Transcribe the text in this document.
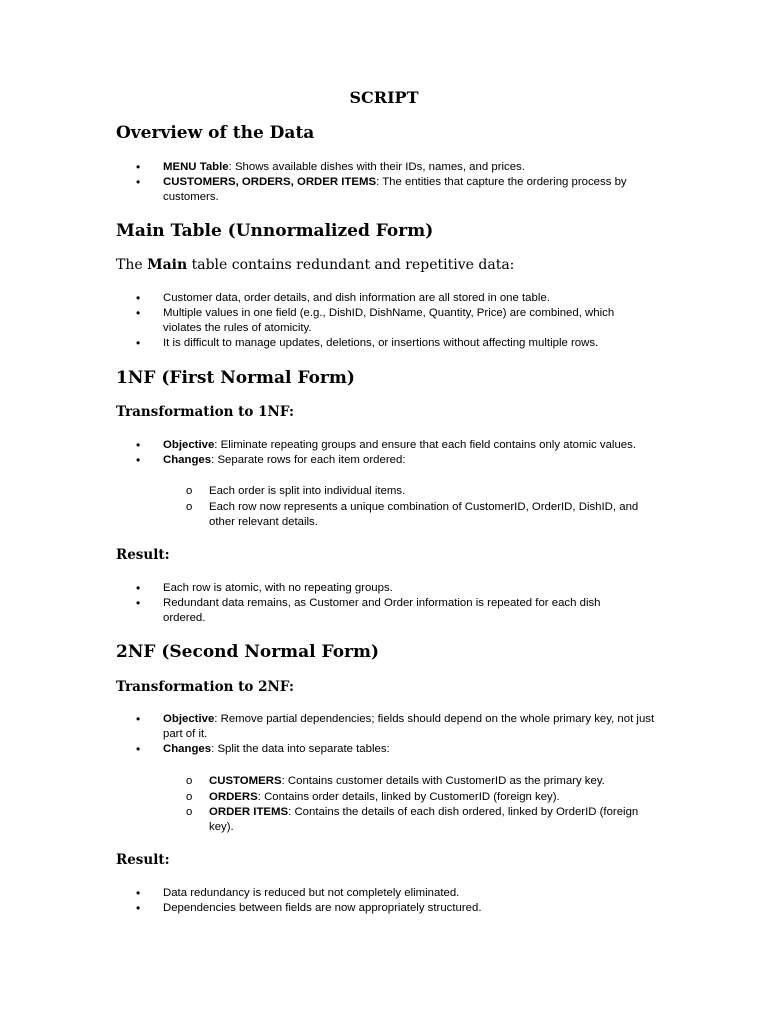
SCRIPT
Overview of the Data
• MENU Table: Shows available dishes with their IDs, names, and prices.
• CUSTOMERS, ORDERS, ORDER ITEMS: The entities that capture the ordering process by customers.
Main Table (Unnormalized Form)
The Main table contains redundant and repetitive data:
• Customer data, order details, and dish information are all stored in one table.
• Multiple values in one field (e.g., DishID, DishName, Quantity, Price) are combined, which violates the rules of atomicity.
• It is difficult to manage updates, deletions, or insertions without affecting multiple rows.
1NF (First Normal Form)
Transformation to 1NF:
• Objective: Eliminate repeating groups and ensure that each field contains only atomic values.
• Changes: Separate rows for each item ordered:
o Each order is split into individual items.
o Each row now represents a unique combination of CustomerID, OrderID, DishID, and other relevant details.
Result:
• Each row is atomic, with no repeating groups.
• Redundant data remains, as Customer and Order information is repeated for each dish ordered.
2NF (Second Normal Form)
Transformation to 2NF:
• Objective: Remove partial dependencies; fields should depend on the whole primary key, not just part of it.
• Changes: Split the data into separate tables:
o CUSTOMERS: Contains customer details with CustomerID as the primary key.
o ORDERS: Contains order details, linked by CustomerID (foreign key).
o ORDER ITEMS: Contains the details of each dish ordered, linked by OrderID (foreign key).
Result:
• Data redundancy is reduced but not completely eliminated.
• Dependencies between fields are now appropriately structured.
